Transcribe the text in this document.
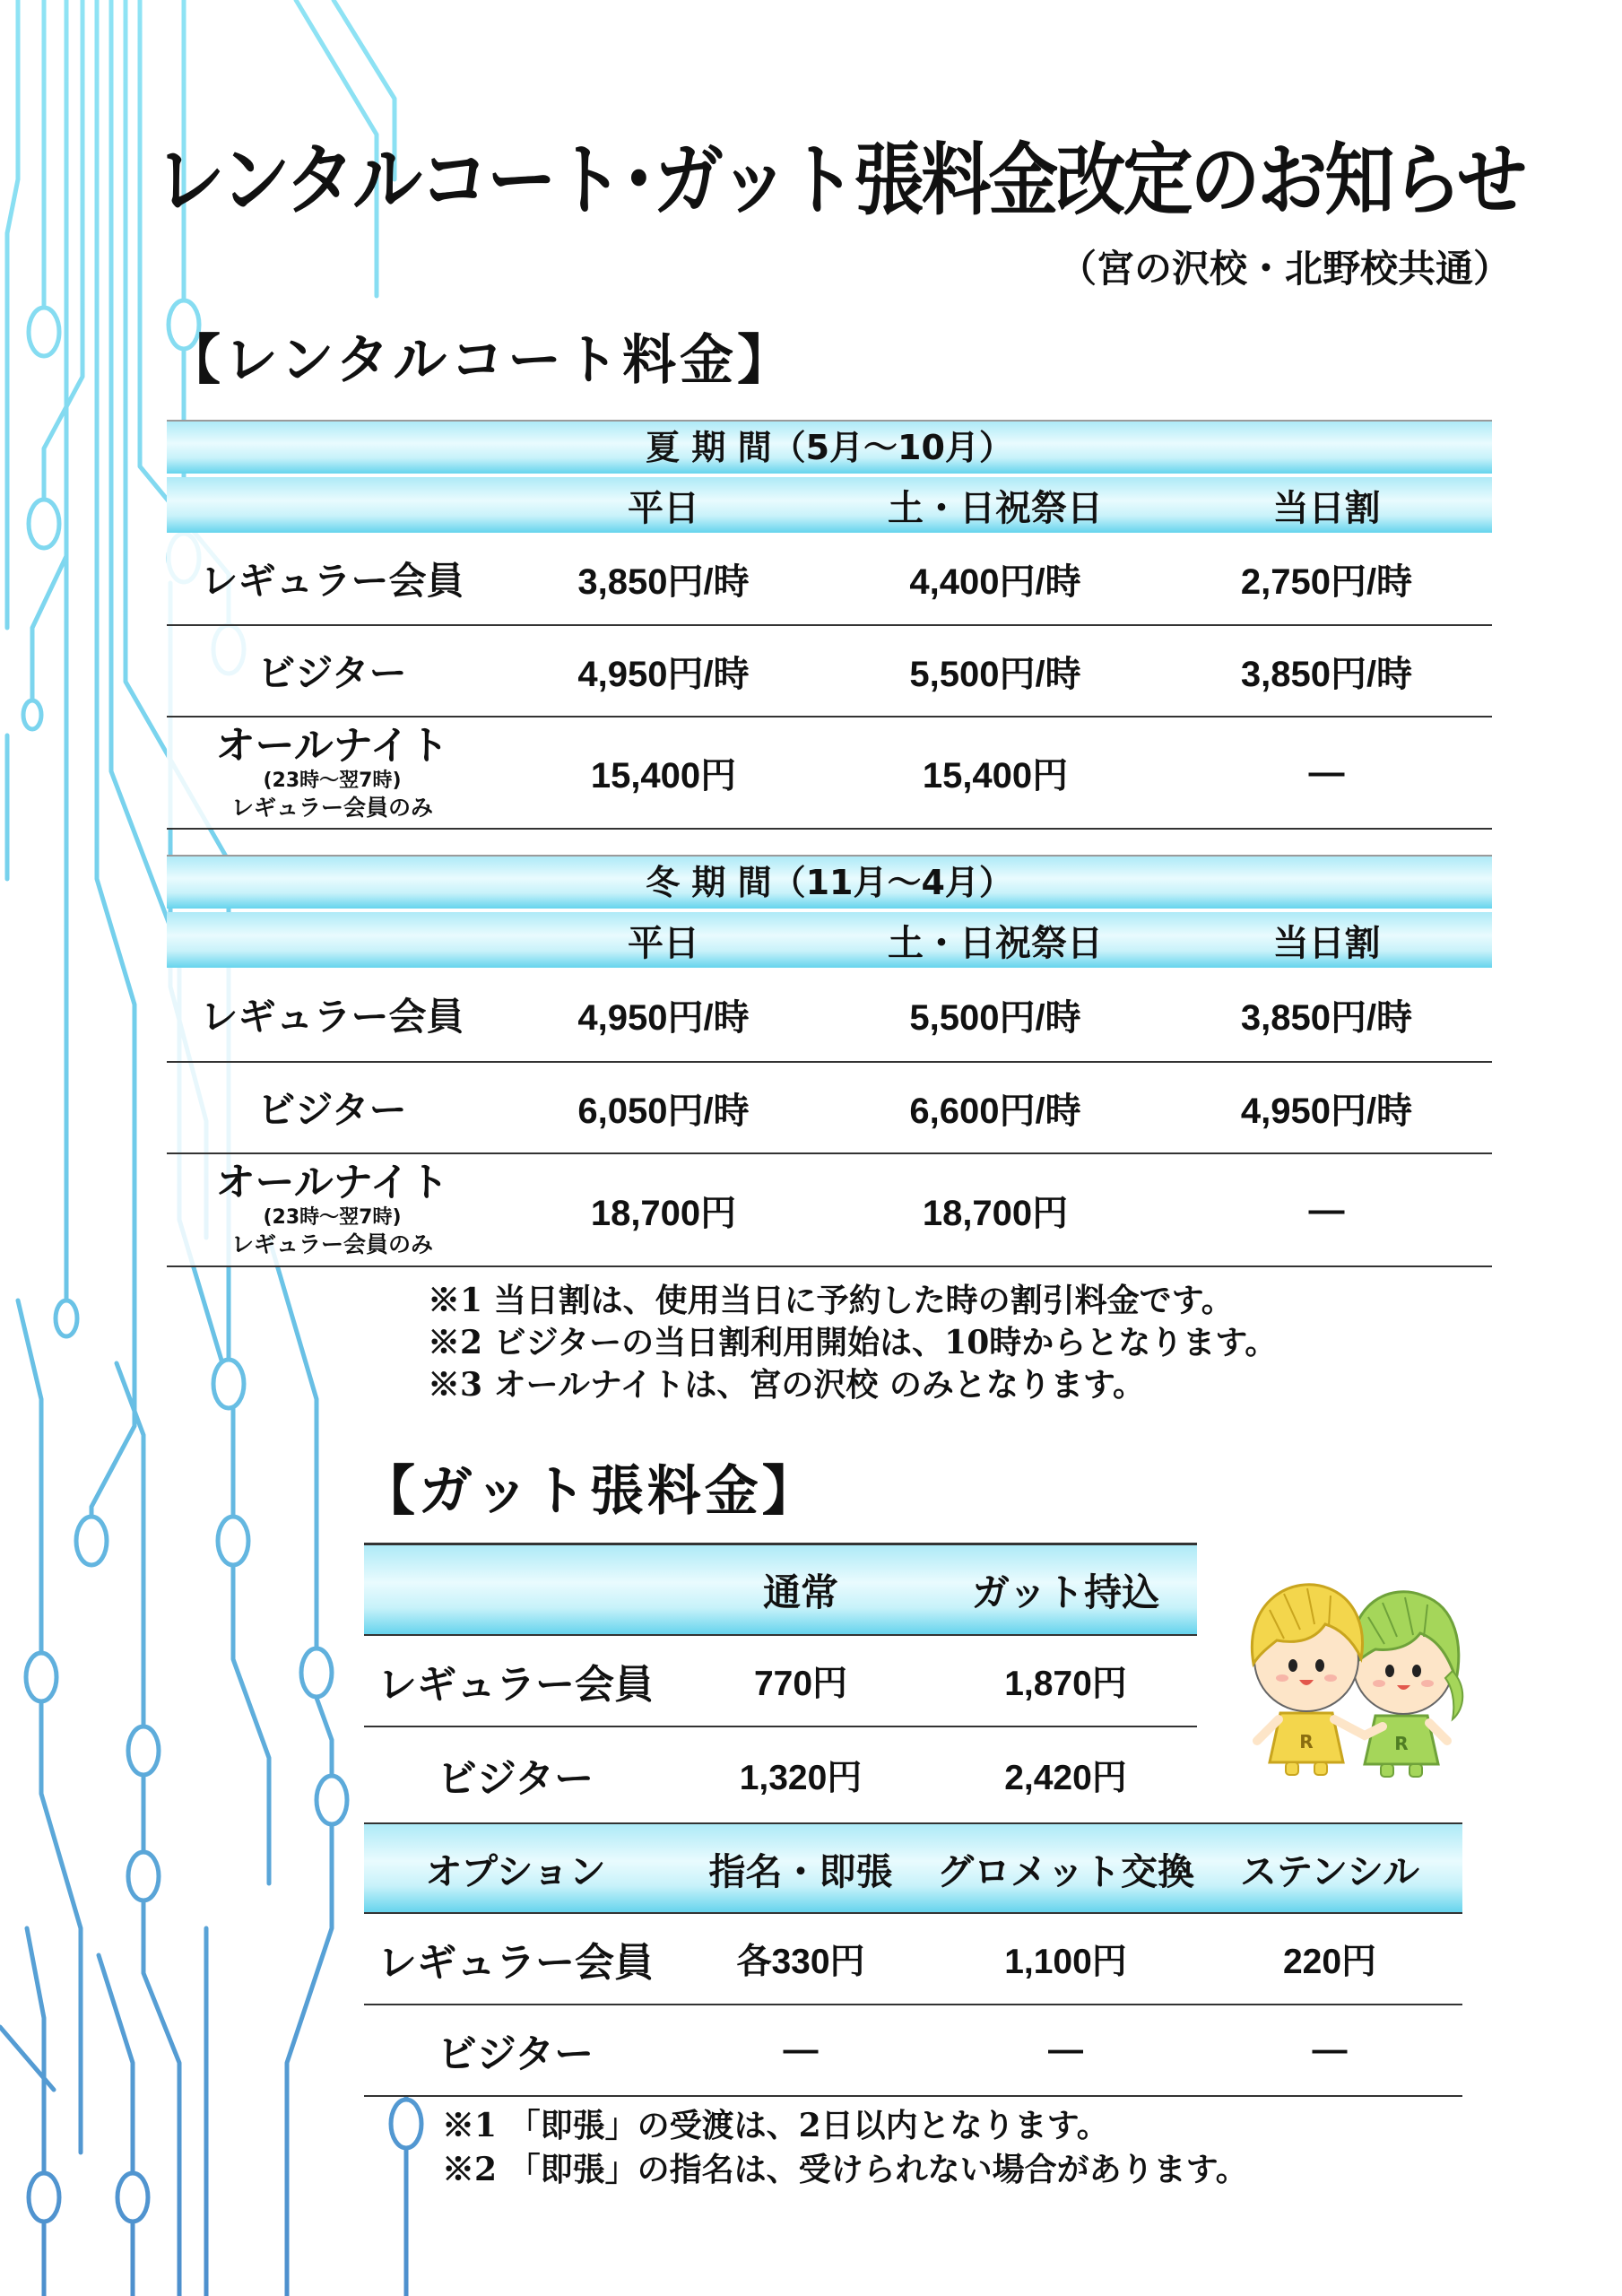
レンタルコート･ガット張料金改定のお知らせ
（宮の沢校・北野校共通）
【レンタルコート料金】
夏 期 間（5月～10月）
平日	土・日祝祭日	当日割
レギュラー会員	3,850円/時	4,400円/時	2,750円/時
ビジター	4,950円/時	5,500円/時	3,850円/時
オールナイト
(23時～翌7時)
レギュラー会員のみ
15,400円	15,400円	―
冬 期 間（11月～4月）
平日	土・日祝祭日	当日割
レギュラー会員	4,950円/時	5,500円/時	3,850円/時
ビジター	6,050円/時	6,600円/時	4,950円/時
オールナイト
(23時～翌7時)
レギュラー会員のみ
18,700円	18,700円	―
※1 当日割は、使用当日に予約した時の割引料金です。
※2 ビジターの当日割利用開始は、10時からとなります。
※3 オールナイトは、宮の沢校 のみとなります。
【ガット張料金】
通常	ガット持込
レギュラー会員	770円	1,870円
ビジター	1,320円	2,420円
オプション	指名・即張	グロメット交換	ステンシル
レギュラー会員	各330円	1,100円	220円
ビジター	―	―	―
※1 「即張」の受渡は、2日以内となります。
※2 「即張」の指名は、受けられない場合があります。
R
R
